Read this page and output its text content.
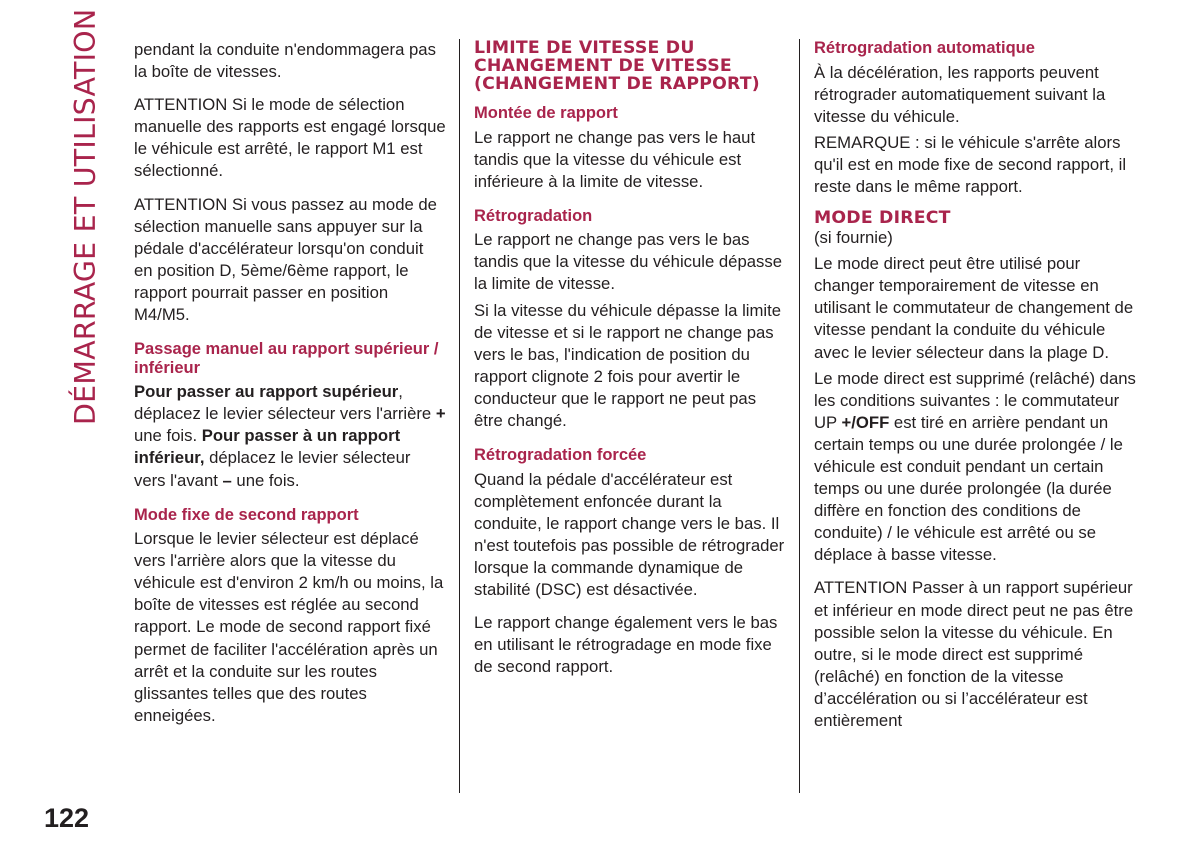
DÉMARRAGE ET UTILISATION
122

pendant la conduite n'endommagera pas la boîte de vitesses.

ATTENTION Si le mode de sélection manuelle des rapports est engagé lorsque le véhicule est arrêté, le rapport M1 est sélectionné.

ATTENTION Si vous passez au mode de sélection manuelle sans appuyer sur la pédale d'accélérateur lorsqu'on conduit en position D, 5ème/6ème rapport, le rapport pourrait passer en position M4/M5.

Passage manuel au rapport supérieur / inférieur

Pour passer au rapport supérieur, déplacez le levier sélecteur vers l'arrière + une fois. Pour passer à un rapport inférieur, déplacez le levier sélecteur vers l'avant – une fois.

Mode fixe de second rapport

Lorsque le levier sélecteur est déplacé vers l'arrière alors que la vitesse du véhicule est d'environ 2 km/h ou moins, la boîte de vitesses est réglée au second rapport. Le mode de second rapport fixé permet de faciliter l'accélération après un arrêt et la conduite sur les routes glissantes telles que des routes enneigées.

LIMITE DE VITESSE DU CHANGEMENT DE VITESSE (CHANGEMENT DE RAPPORT)

Montée de rapport

Le rapport ne change pas vers le haut tandis que la vitesse du véhicule est inférieure à la limite de vitesse.

Rétrogradation

Le rapport ne change pas vers le bas tandis que la vitesse du véhicule dépasse la limite de vitesse.

Si la vitesse du véhicule dépasse la limite de vitesse et si le rapport ne change pas vers le bas, l'indication de position du rapport clignote 2 fois pour avertir le conducteur que le rapport ne peut pas être changé.

Rétrogradation forcée

Quand la pédale d'accélérateur est complètement enfoncée durant la conduite, le rapport change vers le bas. Il n'est toutefois pas possible de rétrograder lorsque la commande dynamique de stabilité (DSC) est désactivée.

Le rapport change également vers le bas en utilisant le rétrogradage en mode fixe de second rapport.

Rétrogradation automatique

À la décélération, les rapports peuvent rétrograder automatiquement suivant la vitesse du véhicule.

REMARQUE : si le véhicule s'arrête alors qu'il est en mode fixe de second rapport, il reste dans le même rapport.

MODE DIRECT

(si fournie)

Le mode direct peut être utilisé pour changer temporairement de vitesse en utilisant le commutateur de changement de vitesse pendant la conduite du véhicule avec le levier sélecteur dans la plage D.

Le mode direct est supprimé (relâché) dans les conditions suivantes : le commutateur UP +/OFF est tiré en arrière pendant un certain temps ou une durée prolongée / le véhicule est conduit pendant un certain temps ou une durée prolongée (la durée diffère en fonction des conditions de conduite) / le véhicule est arrêté ou se déplace à basse vitesse.

ATTENTION Passer à un rapport supérieur et inférieur en mode direct peut ne pas être possible selon la vitesse du véhicule. En outre, si le mode direct est supprimé (relâché) en fonction de la vitesse d’accélération ou si l’accélérateur est entièrement
